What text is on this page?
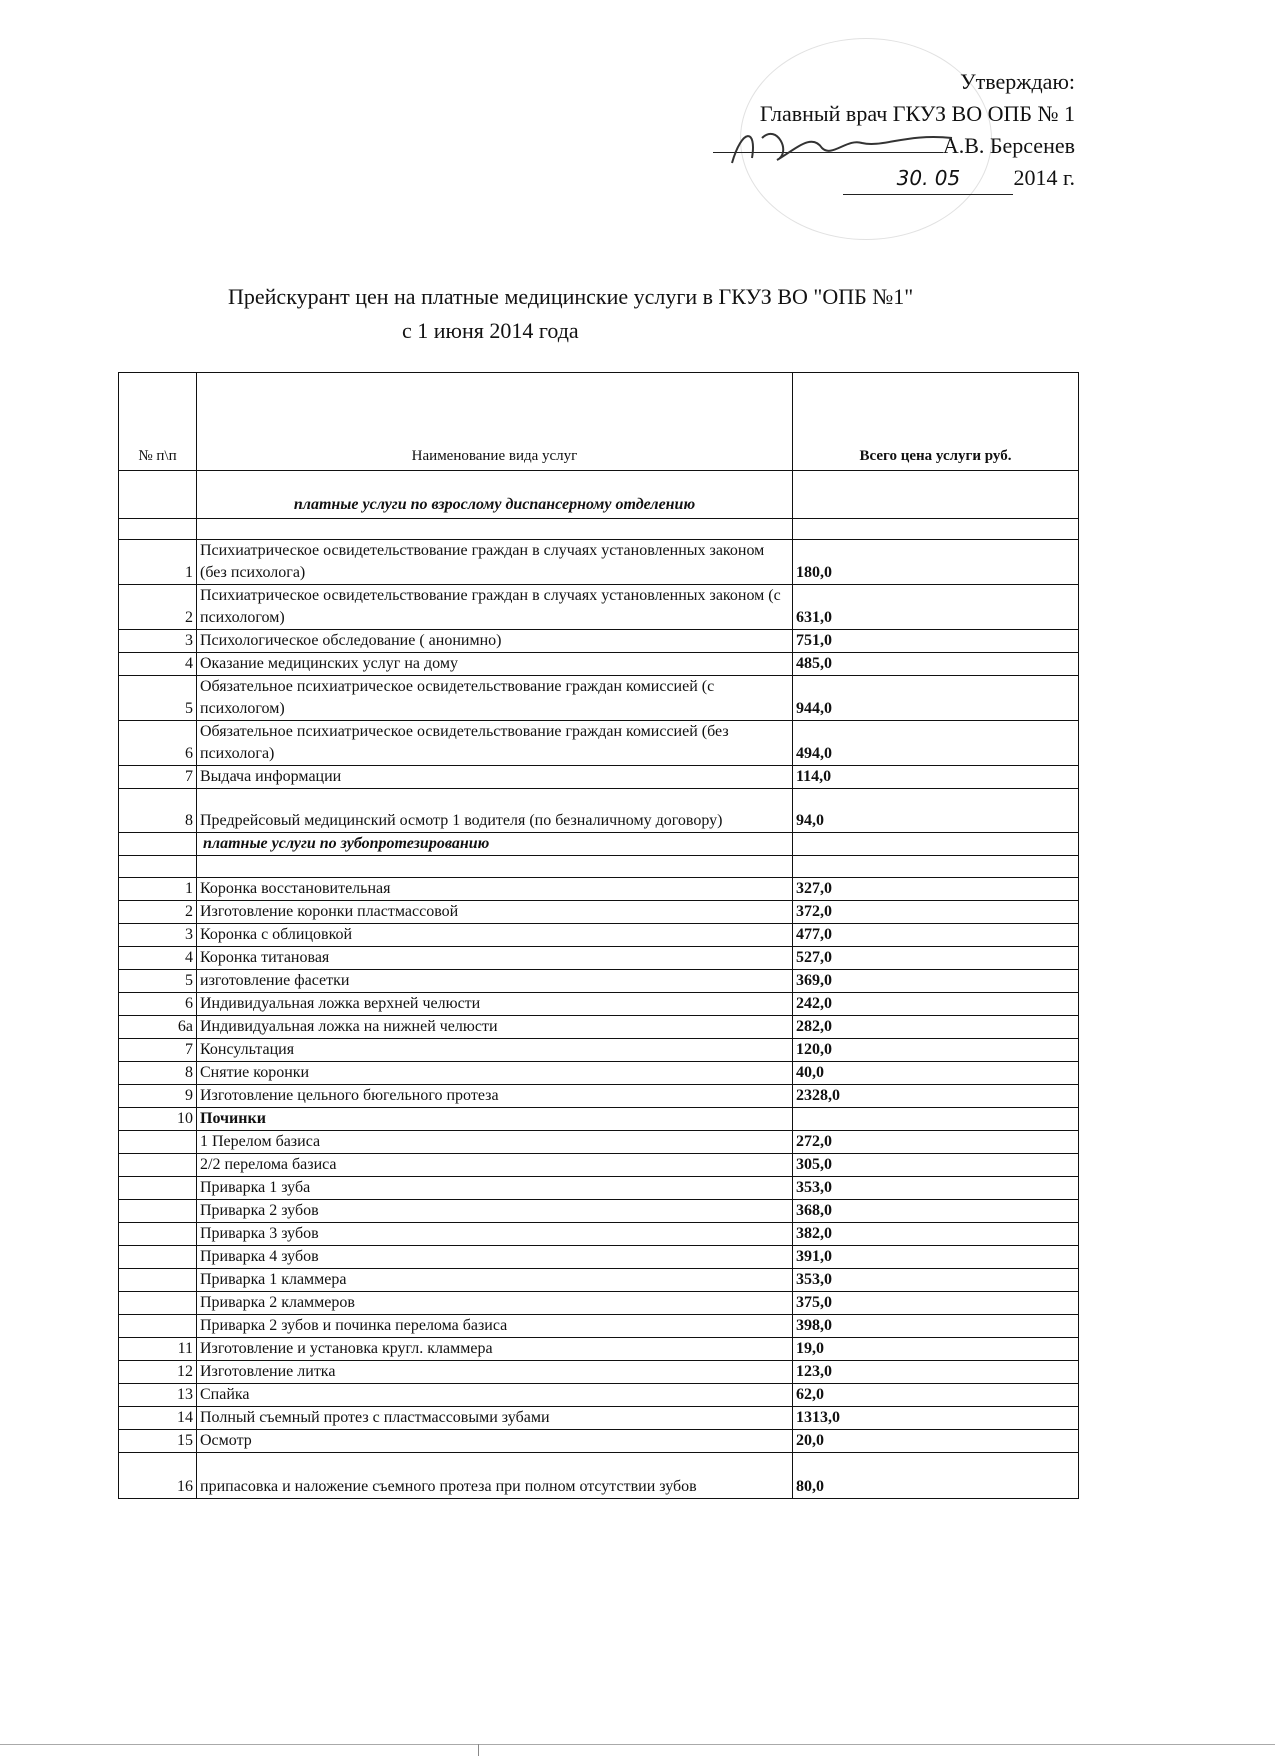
Утверждаю:
Главный врач ГКУЗ ВО ОПБ № 1
А.В. Берсенев
30. 05 2014 г.
Прейскурант цен на платные медицинские услуги в ГКУЗ ВО "ОПБ №1"
с 1 июня 2014 года
№ п\п	Наименование вида услуг	Всего цена услуги руб.
	платные услуги по взрослому диспансерному отделению	

1	Психиатрическое освидетельствование граждан в случаях установленных законом (без психолога)	180,0
2	Психиатрическое освидетельствование граждан в случаях установленных законом (с психологом)	631,0
3	Психологическое обследование ( анонимно)	751,0
4	Оказание медицинских услуг на дому	485,0
5	Обязательное психиатрическое освидетельствование граждан комиссией (с психологом)	944,0
6	Обязательное психиатрическое освидетельствование граждан комиссией (без психолога)	494,0
7	Выдача информации	114,0
8	Предрейсовый медицинский осмотр 1 водителя (по безналичному договору)	94,0
	платные услуги по зубопротезированию	

1	Коронка восстановительная	327,0
2	Изготовление коронки пластмассовой	372,0
3	Коронка с облицовкой	477,0
4	Коронка титановая	527,0
5	изготовление фасетки	369,0
6	Индивидуальная ложка верхней челюсти	242,0
6а	Индивидуальная ложка на нижней челюсти	282,0
7	Консультация	120,0
8	Снятие коронки	40,0
9	Изготовление цельного бюгельного протеза	2328,0
10	Починки	
	1 Перелом базиса	272,0
	2/2 перелома базиса	305,0
	Приварка 1 зуба	353,0
	Приварка 2 зубов	368,0
	Приварка 3 зубов	382,0
	Приварка 4 зубов	391,0
	Приварка 1 кламмера	353,0
	Приварка 2 кламмеров	375,0
	Приварка 2 зубов и починка перелома базиса	398,0
11	Изготовление и установка кругл. кламмера	19,0
12	Изготовление литка	123,0
13	Спайка	62,0
14	Полный съемный протез с пластмассовыми зубами	1313,0
15	Осмотр	20,0
16	припасовка и наложение съемного протеза при полном отсутствии зубов	80,0
